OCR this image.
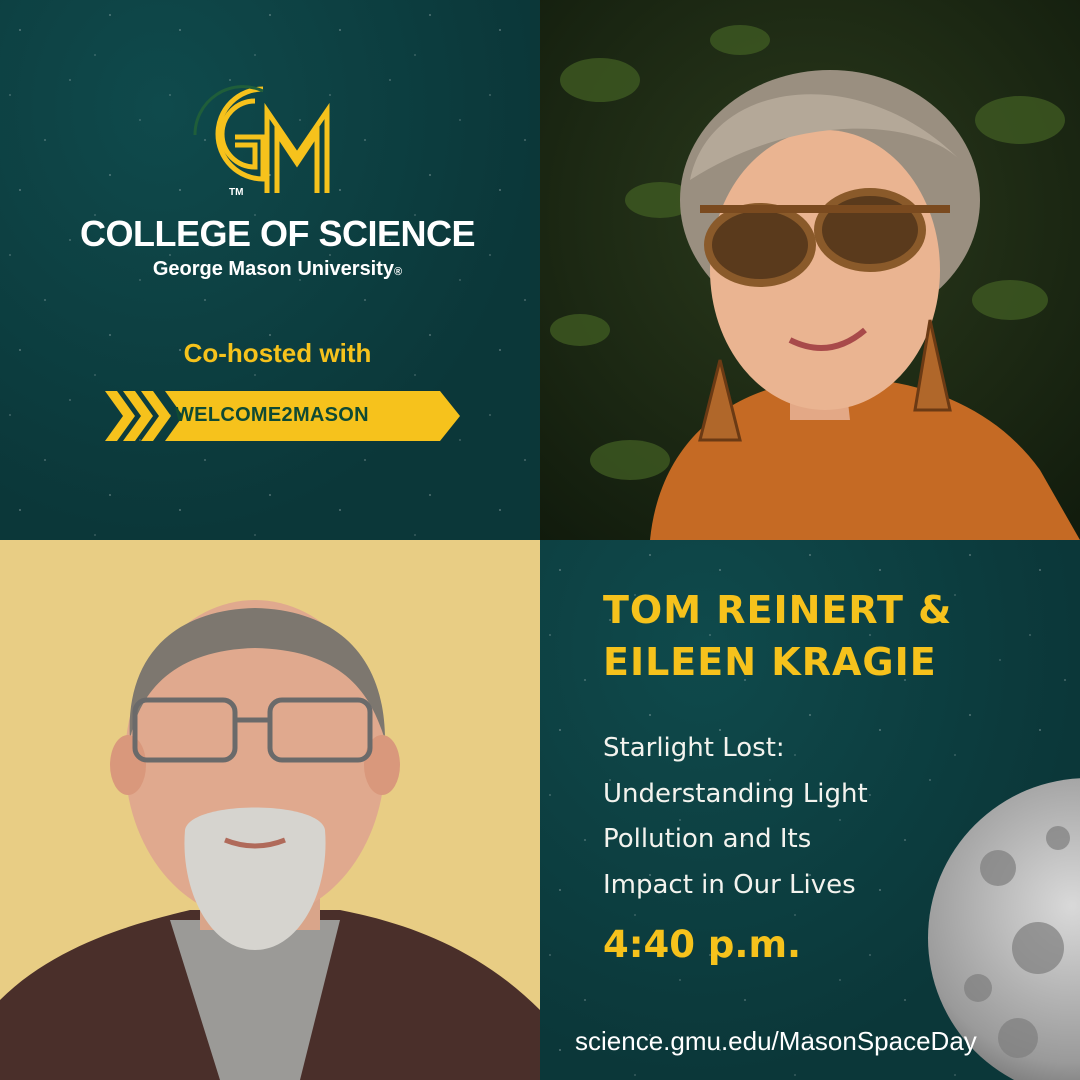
TM
COLLEGE OF SCIENCE
George Mason University®
Co-hosted with
WELCOME2MASON
TOM REINERT &
EILEEN KRAGIE
Starlight Lost:
Understanding Light
Pollution and Its
Impact in Our Lives
4:40 p.m.
science.gmu.edu/MasonSpaceDay
